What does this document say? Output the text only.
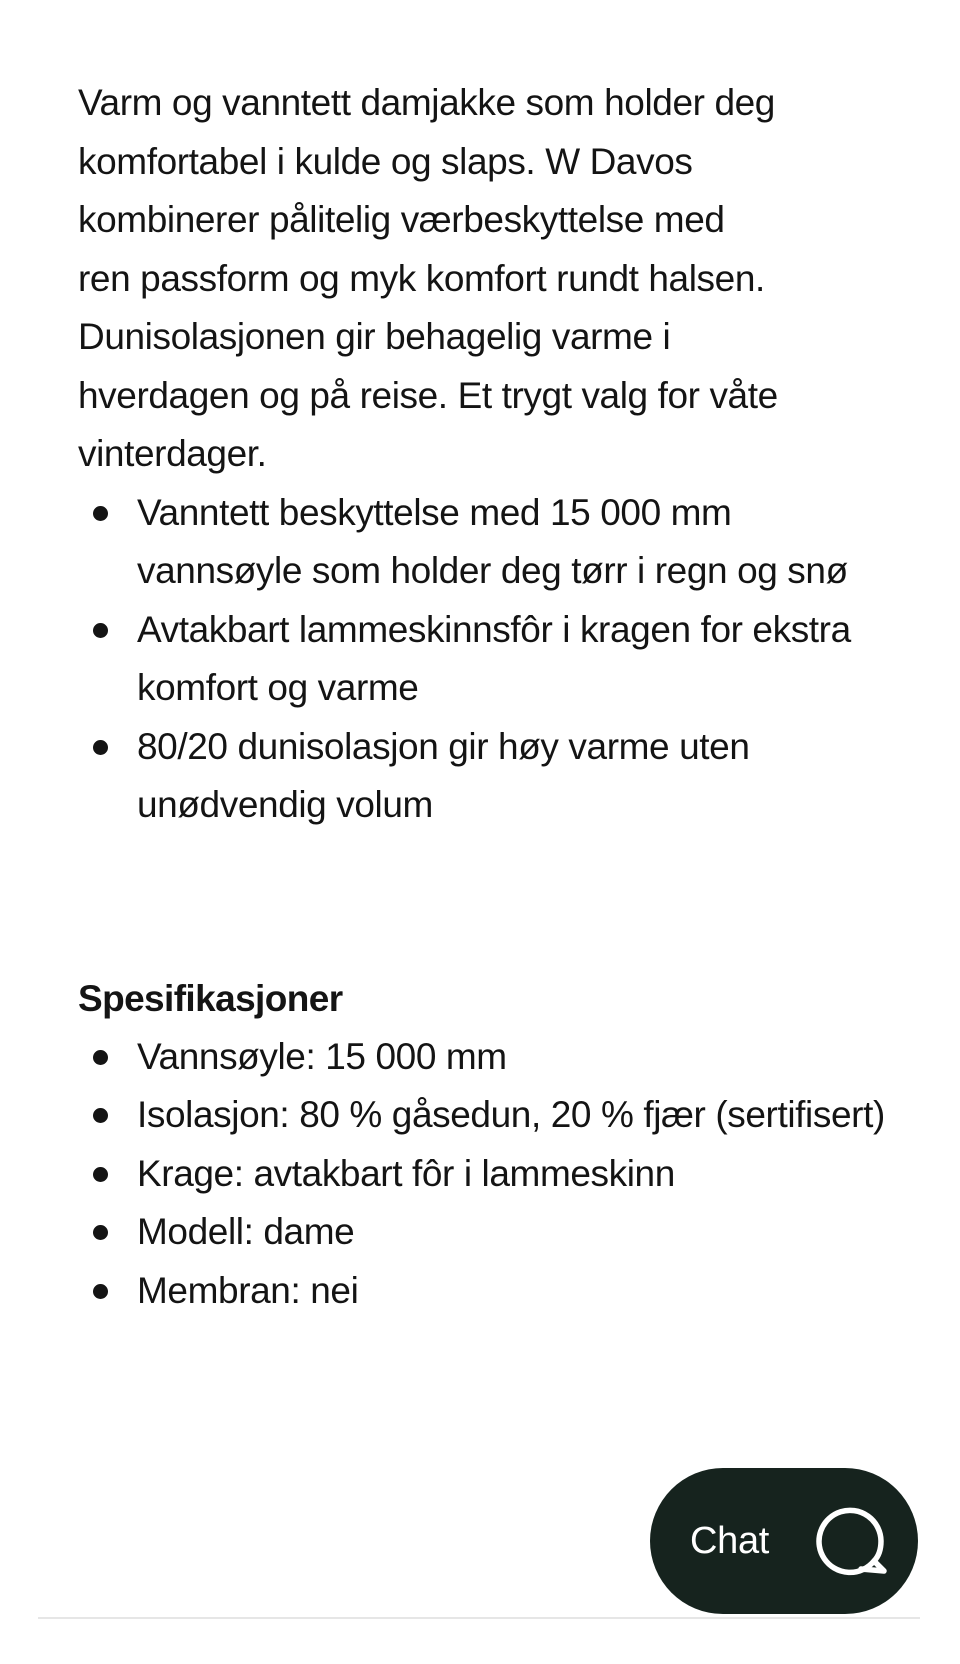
Varm og vanntett damjakke som holder deg
komfortabel i kulde og slaps. W Davos
kombinerer pålitelig værbeskyttelse med
ren passform og myk komfort rundt halsen.
Dunisolasjonen gir behagelig varme i
hverdagen og på reise. Et trygt valg for våte
vinterdager.

Vanntett beskyttelse med 15 000 mm vannsøyle som holder deg tørr i regn og snø
Avtakbart lammeskinnsfôr i kragen for ekstra komfort og varme
80/20 dunisolasjon gir høy varme uten unødvendig volum
Spesifikasjoner
Vannsøyle: 15 000 mm
Isolasjon: 80 % gåsedun, 20 % fjær (sertifisert)
Krage: avtakbart fôr i lammeskinn
Modell: dame
Membran: nei
Chat
